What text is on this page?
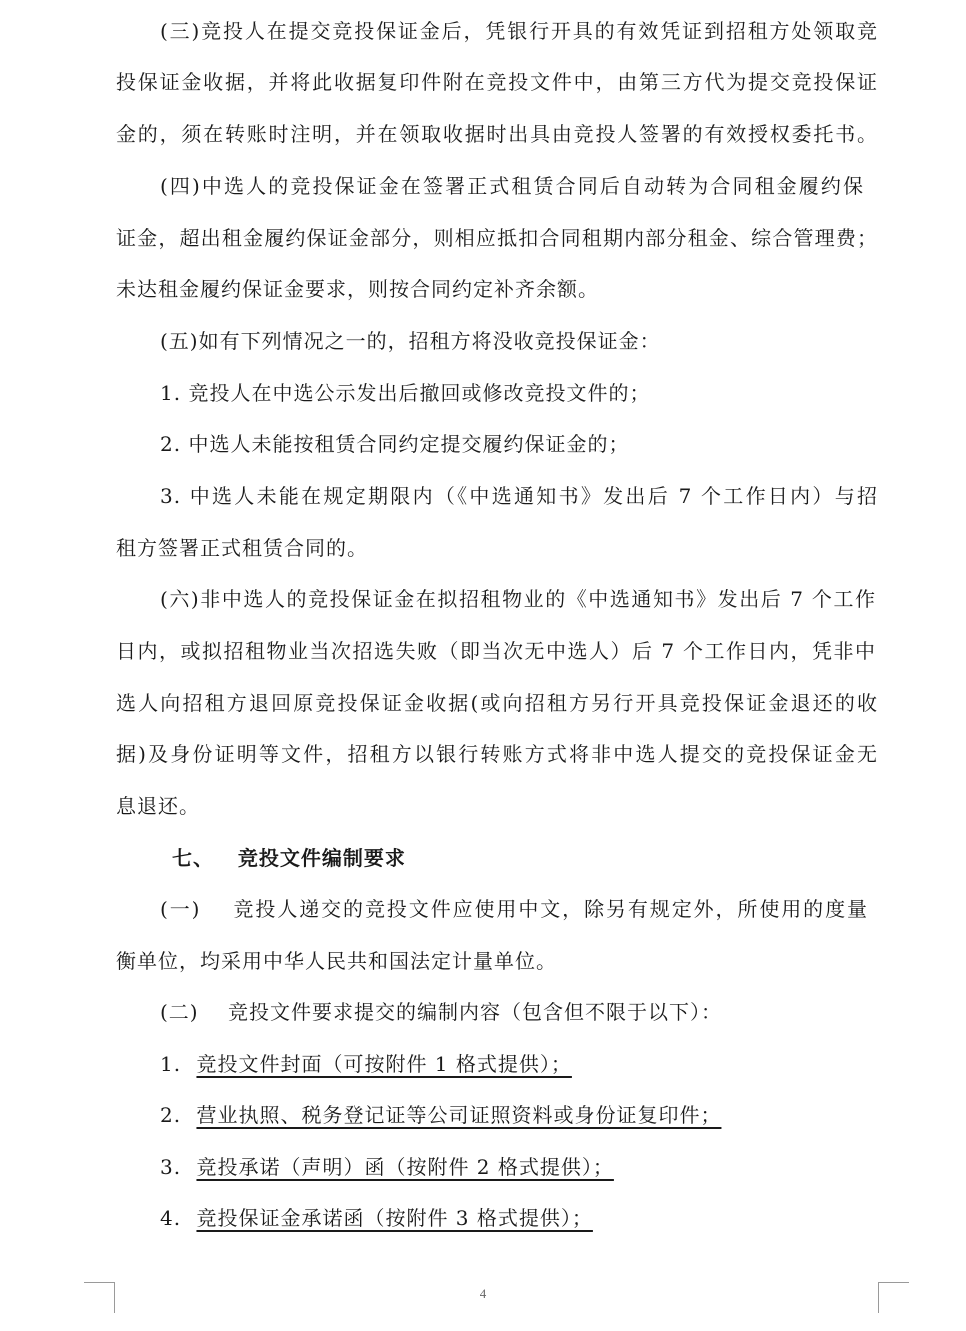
(三)竞投人在提交竞投保证金后，凭银行开具的有效凭证到招租方处领取竞
投保证金收据，并将此收据复印件附在竞投文件中，由第三方代为提交竞投保证
金的，须在转账时注明，并在领取收据时出具由竞投人签署的有效授权委托书。
(四)中选人的竞投保证金在签署正式租赁合同后自动转为合同租金履约保
证金，超出租金履约保证金部分，则相应抵扣合同租期内部分租金、综合管理费；
未达租金履约保证金要求，则按合同约定补齐余额。
(五)如有下列情况之一的，招租方将没收竞投保证金：
1. 竞投人在中选公示发出后撤回或修改竞投文件的；
2. 中选人未能按租赁合同约定提交履约保证金的；
3. 中选人未能在规定期限内（《中选通知书》发出后 7 个工作日内）与招
租方签署正式租赁合同的。
(六)非中选人的竞投保证金在拟招租物业的《中选通知书》发出后 7 个工作
日内，或拟招租物业当次招选失败（即当次无中选人）后 7 个工作日内，凭非中
选人向招租方退回原竞投保证金收据(或向招租方另行开具竞投保证金退还的收
据)及身份证明等文件，招租方以银行转账方式将非中选人提交的竞投保证金无
息退还。
七、   竞投文件编制要求
(一)    竞投人递交的竞投文件应使用中文，除另有规定外，所使用的度量
衡单位，均采用中华人民共和国法定计量单位。
(二)    竞投文件要求提交的编制内容（包含但不限于以下）：
1. 竞投文件封面（可按附件 1 格式提供）；
2. 营业执照、税务登记证等公司证照资料或身份证复印件；
3. 竞投承诺（声明）函（按附件 2 格式提供）；
4. 竞投保证金承诺函（按附件 3 格式提供）；
4
